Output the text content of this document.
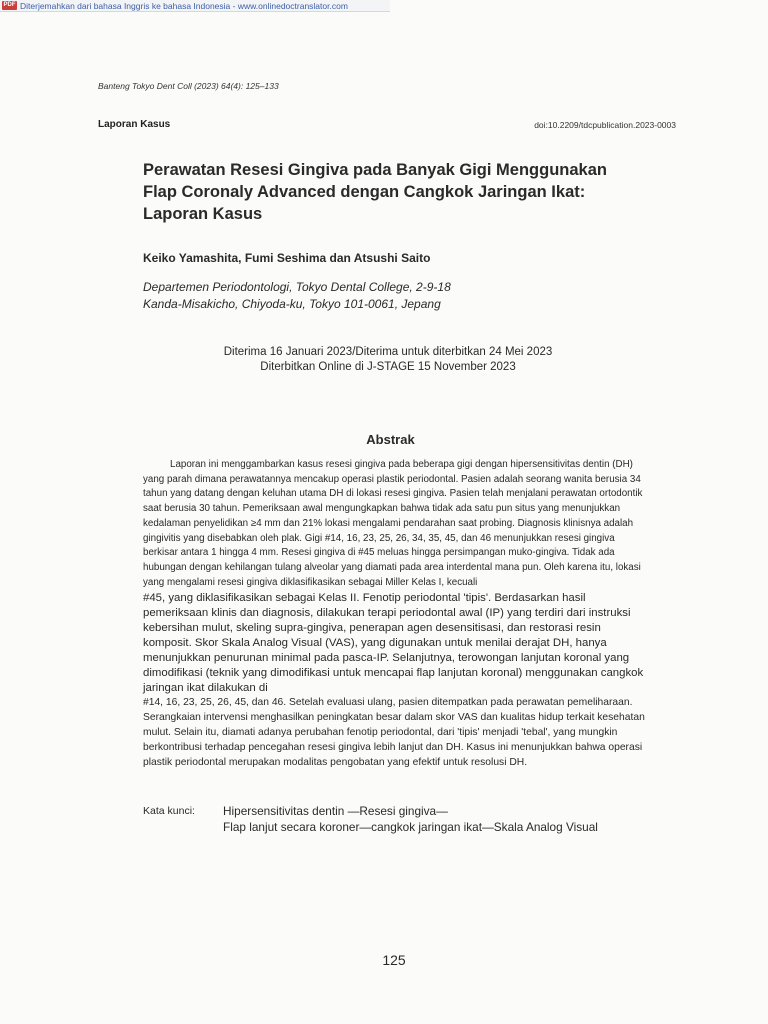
PDF Diterjemahkan dari bahasa Inggris ke bahasa Indonesia - www.onlinedoctranslator.com
Banteng Tokyo Dent Coll (2023) 64(4): 125–133
Laporan Kasus	doi:10.2209/tdcpublication.2023-0003
Perawatan Resesi Gingiva pada Banyak Gigi Menggunakan
Flap Coronaly Advanced dengan Cangkok Jaringan Ikat:
Laporan Kasus
Keiko Yamashita, Fumi Seshima dan Atsushi Saito
Departemen Periodontologi, Tokyo Dental College, 2-9-18
Kanda-Misakicho, Chiyoda-ku, Tokyo 101-0061, Jepang
Diterima 16 Januari 2023/Diterima untuk diterbitkan 24 Mei 2023
Diterbitkan Online di J-STAGE 15 November 2023
Abstrak

Laporan ini menggambarkan kasus resesi gingiva pada beberapa gigi dengan hipersensitivitas dentin (DH) yang parah dimana perawatannya mencakup operasi plastik periodontal. Pasien adalah seorang wanita berusia 34 tahun yang datang dengan keluhan utama DH di lokasi resesi gingiva. Pasien telah menjalani perawatan ortodontik saat berusia 30 tahun. Pemeriksaan awal mengungkapkan bahwa tidak ada satu pun situs yang menunjukkan kedalaman penyelidikan ≥4 mm dan 21% lokasi mengalami pendarahan saat probing. Diagnosis klinisnya adalah gingivitis yang disebabkan oleh plak. Gigi #14, 16, 23, 25, 26, 34, 35, 45, dan 46 menunjukkan resesi gingiva berkisar antara 1 hingga 4 mm. Resesi gingiva di #45 meluas hingga persimpangan muko-gingiva. Tidak ada hubungan dengan kehilangan tulang alveolar yang diamati pada area interdental mana pun. Oleh karena itu, lokasi yang mengalami resesi gingiva diklasifikasikan sebagai Miller Kelas I, kecuali

#45, yang diklasifikasikan sebagai Kelas II. Fenotip periodontal 'tipis'. Berdasarkan hasil pemeriksaan klinis dan diagnosis, dilakukan terapi periodontal awal (IP) yang terdiri dari instruksi kebersihan mulut, skeling supra-gingiva, penerapan agen desensitisasi, dan restorasi resin komposit. Skor Skala Analog Visual (VAS), yang digunakan untuk menilai derajat DH, hanya menunjukkan penurunan minimal pada pasca-IP. Selanjutnya, terowongan lanjutan koronal yang dimodifikasi (teknik yang dimodifikasi untuk mencapai flap lanjutan koronal) menggunakan cangkok jaringan ikat dilakukan di

#14, 16, 23, 25, 26, 45, dan 46. Setelah evaluasi ulang, pasien ditempatkan pada perawatan pemeliharaan. Serangkaian intervensi menghasilkan peningkatan besar dalam skor VAS dan kualitas hidup terkait kesehatan mulut. Selain itu, diamati adanya perubahan fenotip periodontal, dari 'tipis' menjadi 'tebal', yang mungkin berkontribusi terhadap pencegahan resesi gingiva lebih lanjut dan DH. Kasus ini menunjukkan bahwa operasi plastik periodontal merupakan modalitas pengobatan yang efektif untuk resolusi DH.

Kata kunci:	Hipersensitivitas dentin —Resesi gingiva—
Flap lanjut secara koroner—cangkok jaringan ikat—Skala Analog Visual
125
